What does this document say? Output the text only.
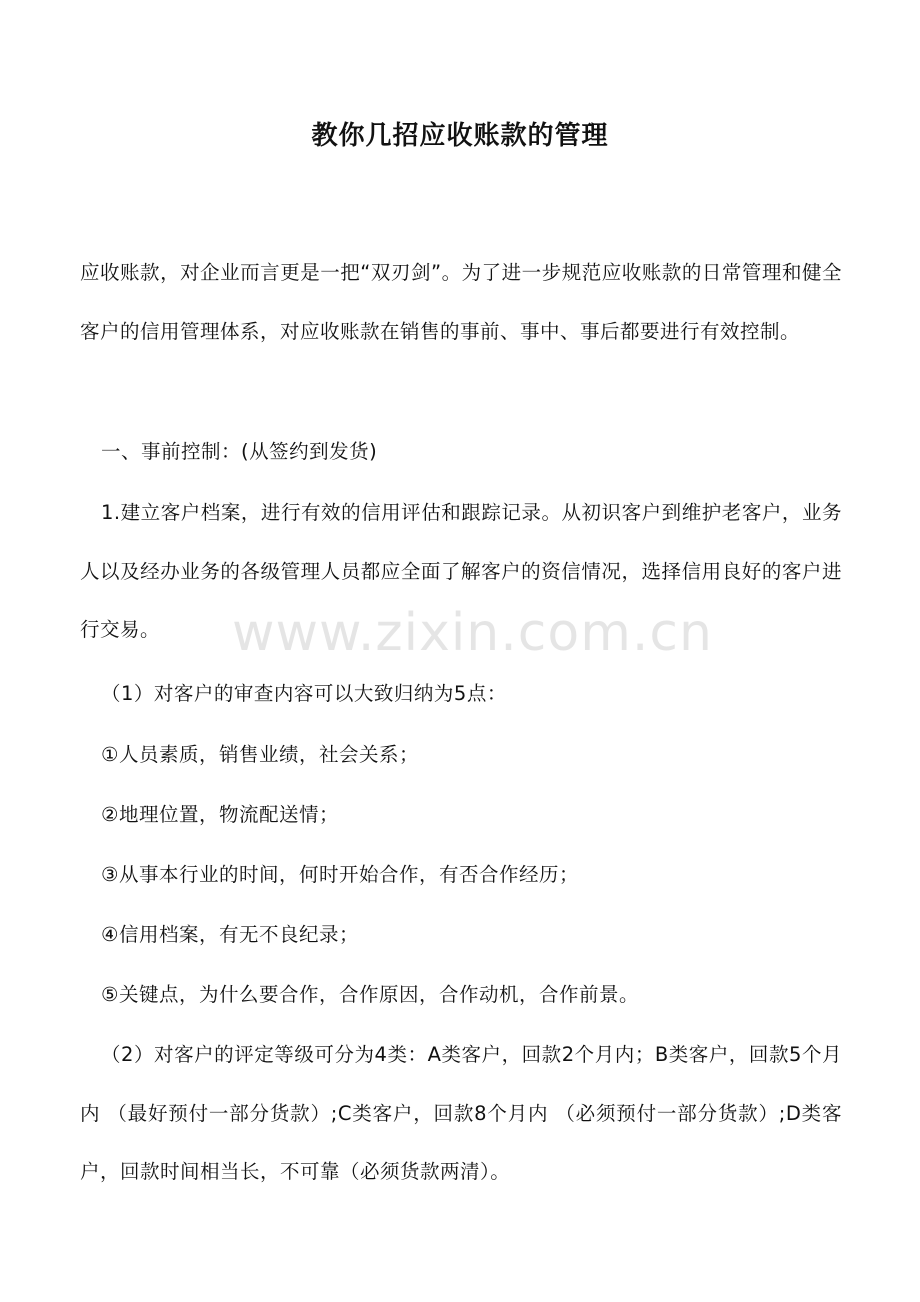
教你几招应收账款的管理

应收账款，对企业而言更是一把“双刃剑”。为了进一步规范应收账款的日常管理和健全客户的信用管理体系，对应收账款在销售的事前、事中、事后都要进行有效控制。

一、事前控制：(从签约到发货)

1.建立客户档案，进行有效的信用评估和跟踪记录。从初识客户到维护老客户，业务人以及经办业务的各级管理人员都应全面了解客户的资信情况，选择信用良好的客户进行交易。

（1）对客户的审查内容可以大致归纳为5点：

①人员素质，销售业绩，社会关系；

②地理位置，物流配送情；

③从事本行业的时间，何时开始合作，有否合作经历；

④信用档案，有无不良纪录；

⑤关键点，为什么要合作，合作原因，合作动机，合作前景。

（2）对客户的评定等级可分为4类：A类客户，回款2个月内；B类客户，回款5个月内 （最好预付一部分货款）;C类客户，回款8个月内 （必须预付一部分货款）;D类客户，回款时间相当长，不可靠（必须货款两清）。

www.zixin.com.cn
